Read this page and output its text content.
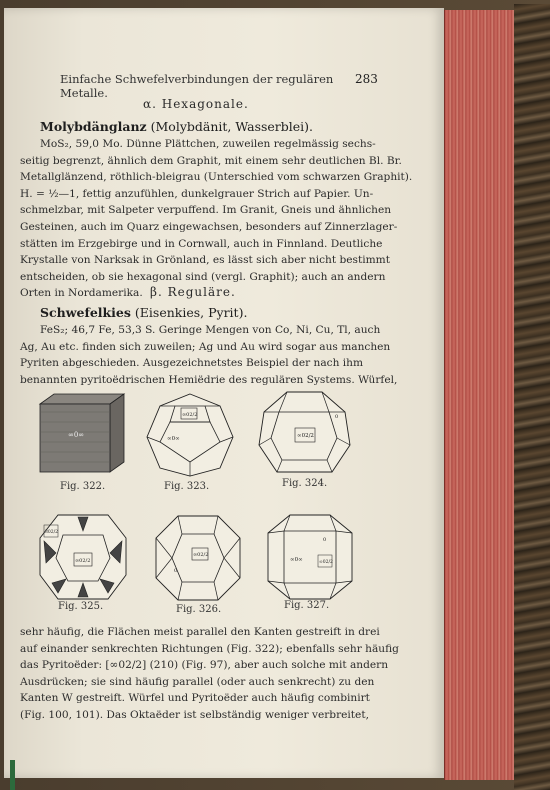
Einfache Schwefelverbindungen der regulären Metalle.
283
α. Hexagonale.
Molybdänglanz (Molybdänit, Wasserblei).
MoS₂, 59,0 Mo. Dünne Plättchen, zuweilen regelmässig sechs-
seitig begrenzt, ähnlich dem Graphit, mit einem sehr deutlichen Bl. Br.
Metallglänzend, röthlich-bleigrau (Unterschied vom schwarzen Graphit).
H. = ½—1, fettig anzufühlen, dunkelgrauer Strich auf Papier. Un-
schmelzbar, mit Salpeter verpuffend. Im Granit, Gneis und ähnlichen
Gesteinen, auch im Quarz eingewachsen, besonders auf Zinnerzlager-
stätten im Erzgebirge und in Cornwall, auch in Finnland. Deutliche
Krystalle von Narksak in Grönland, es lässt sich aber nicht bestimmt
entscheiden, ob sie hexagonal sind (vergl. Graphit); auch an andern
Orten in Nordamerika. β. Reguläre.
Schwefelkies (Eisenkies, Pyrit).
FeS₂; 46,7 Fe, 53,3 S. Geringe Mengen von Co, Ni, Cu, Tl, auch
Ag, Au etc. finden sich zuweilen; Ag und Au wird sogar aus manchen
Pyriten abgeschieden. Ausgezeichnetstes Beispiel der nach ihm
benannten pyritoëdrischen Hemiëdrie des regulären Systems. Würfel,
∞0∞
Fig. 322.
∞02/2
∞0∞
Fig. 323.
∞02/2
0
Fig. 324.
∞02/2
302/2
Fig. 325.
∞02/2
0
Fig. 326.
∞0∞	∞02/2
0
Fig. 327.
sehr häufig, die Flächen meist parallel den Kanten gestreift in drei
auf einander senkrechten Richtungen (Fig. 322); ebenfalls sehr häufig
das Pyritoëder: [∞02/2] (210) (Fig. 97), aber auch solche mit andern
Ausdrücken; sie sind häufig parallel (oder auch senkrecht) zu den
Kanten W gestreift. Würfel und Pyritoëder auch häufig combinirt
(Fig. 100, 101). Das Oktaëder ist selbständig weniger verbreitet,
